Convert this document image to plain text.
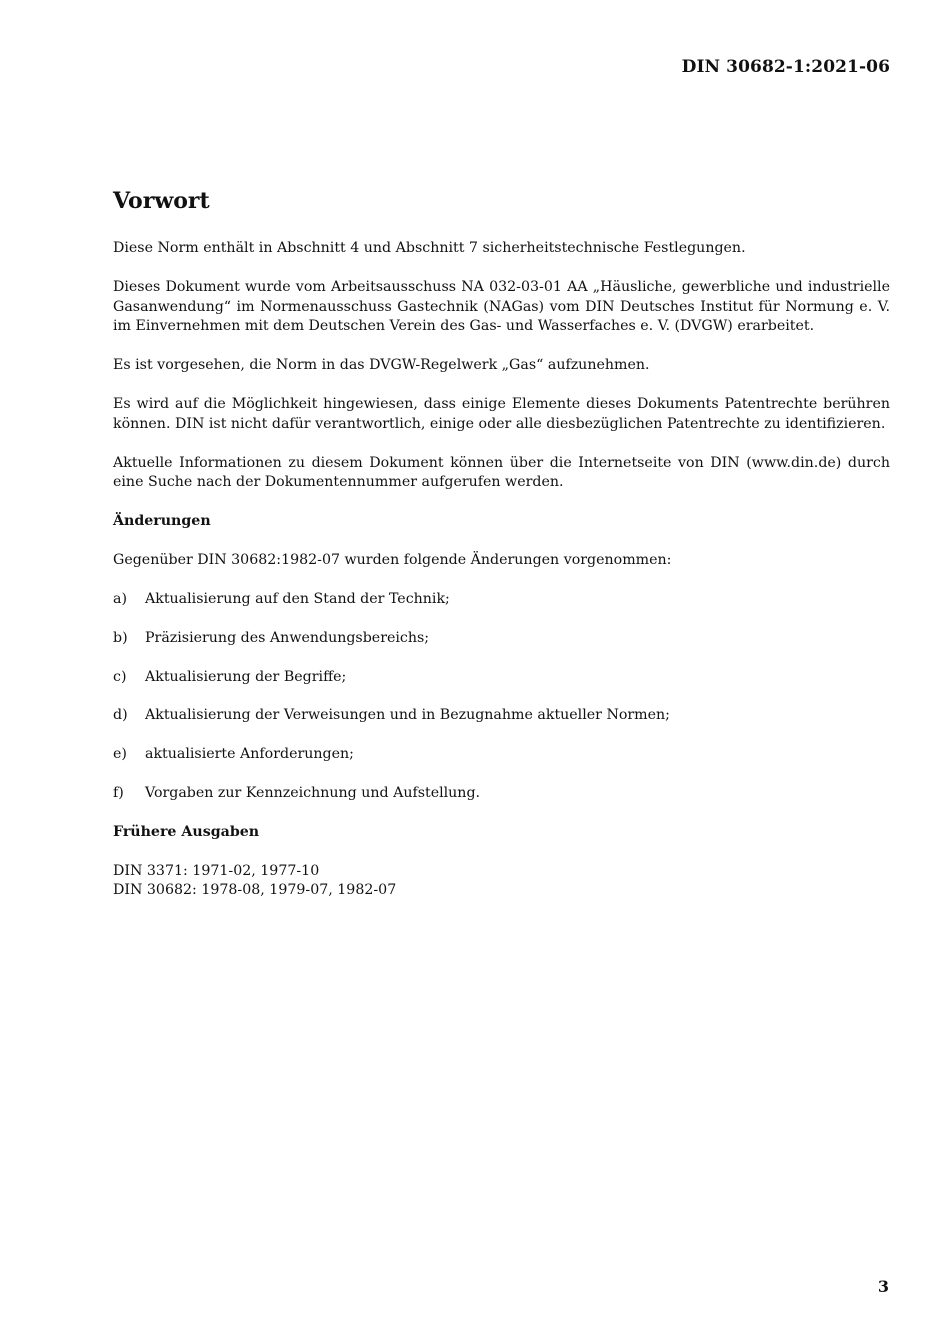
DIN 30682-1:2021-06
Vorwort

Diese Norm enthält in Abschnitt 4 und Abschnitt 7 sicherheitstechnische Festlegungen.

Dieses Dokument wurde vom Arbeitsausschuss NA 032-03-01 AA „Häusliche, gewerbliche und industrielle Gasanwendung“ im Normenausschuss Gastechnik (NAGas) vom DIN Deutsches Institut für Normung e. V. im Einvernehmen mit dem Deutschen Verein des Gas- und Wasserfaches e. V. (DVGW) erarbeitet.

Es ist vorgesehen, die Norm in das DVGW-Regelwerk „Gas“ aufzunehmen.

Es wird auf die Möglichkeit hingewiesen, dass einige Elemente dieses Dokuments Patentrechte berühren können. DIN ist nicht dafür verantwortlich, einige oder alle diesbezüglichen Patentrechte zu identifizieren.

Aktuelle Informationen zu diesem Dokument können über die Internetseite von DIN (www.din.de) durch eine Suche nach der Dokumentennummer aufgerufen werden.

Änderungen

Gegenüber DIN 30682:1982-07 wurden folgende Änderungen vorgenommen:

a)	Aktualisierung auf den Stand der Technik;
b)	Präzisierung des Anwendungsbereichs;
c)	Aktualisierung der Begriffe;
d)	Aktualisierung der Verweisungen und in Bezugnahme aktueller Normen;
e)	aktualisierte Anforderungen;
f)	Vorgaben zur Kennzeichnung und Aufstellung.
Frühere Ausgaben
DIN 3371: 1971-02, 1977-10
DIN 30682: 1978-08, 1979-07, 1982-07
3
